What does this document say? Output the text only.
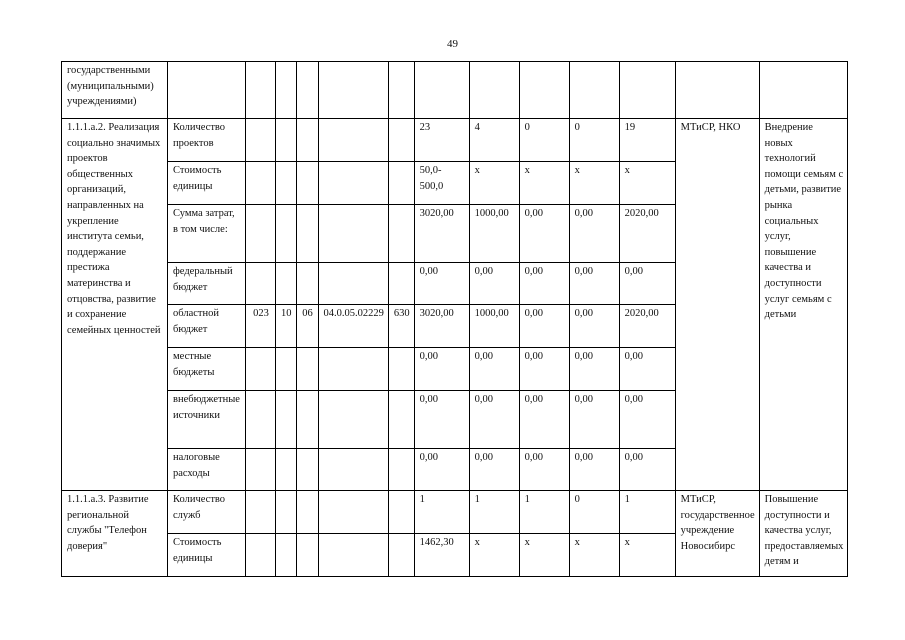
49
государственными (муниципальными) учреждениями)													
1.1.1.а.2. Реализация социально значимых проектов общественных организаций, направленных на укрепление института семьи, поддержание престижа материнства и отцовства, развитие и сохранение семейных ценностей	Количество проектов						23	4	0	0	19	МТиСР, НКО	Внедрение новых технологий помощи семьям с детьми, развитие рынка социальных услуг, повышение качества и доступности услуг семьям с детьми
	Стоимость единицы						50,0-500,0	х	х	х	х		
	Сумма затрат, в том числе:						3020,00	1000,00	0,00	0,00	2020,00		
	федеральный бюджет						0,00	0,00	0,00	0,00	0,00		
	областной бюджет	023	10	06	04.0.05.02229	630	3020,00	1000,00	0,00	0,00	2020,00		
	местные бюджеты						0,00	0,00	0,00	0,00	0,00		
	внебюджетные источники						0,00	0,00	0,00	0,00	0,00		
	налоговые расходы						0,00	0,00	0,00	0,00	0,00		
1.1.1.а.3. Развитие региональной службы "Телефон доверия"	Количество служб						1	1	1	0	1	МТиСР, государственное учреждение Новосибирс	Повышение доступности и качества услуг, предоставляемых детям и
	Стоимость единицы						1462,30	х	х	х	х		
